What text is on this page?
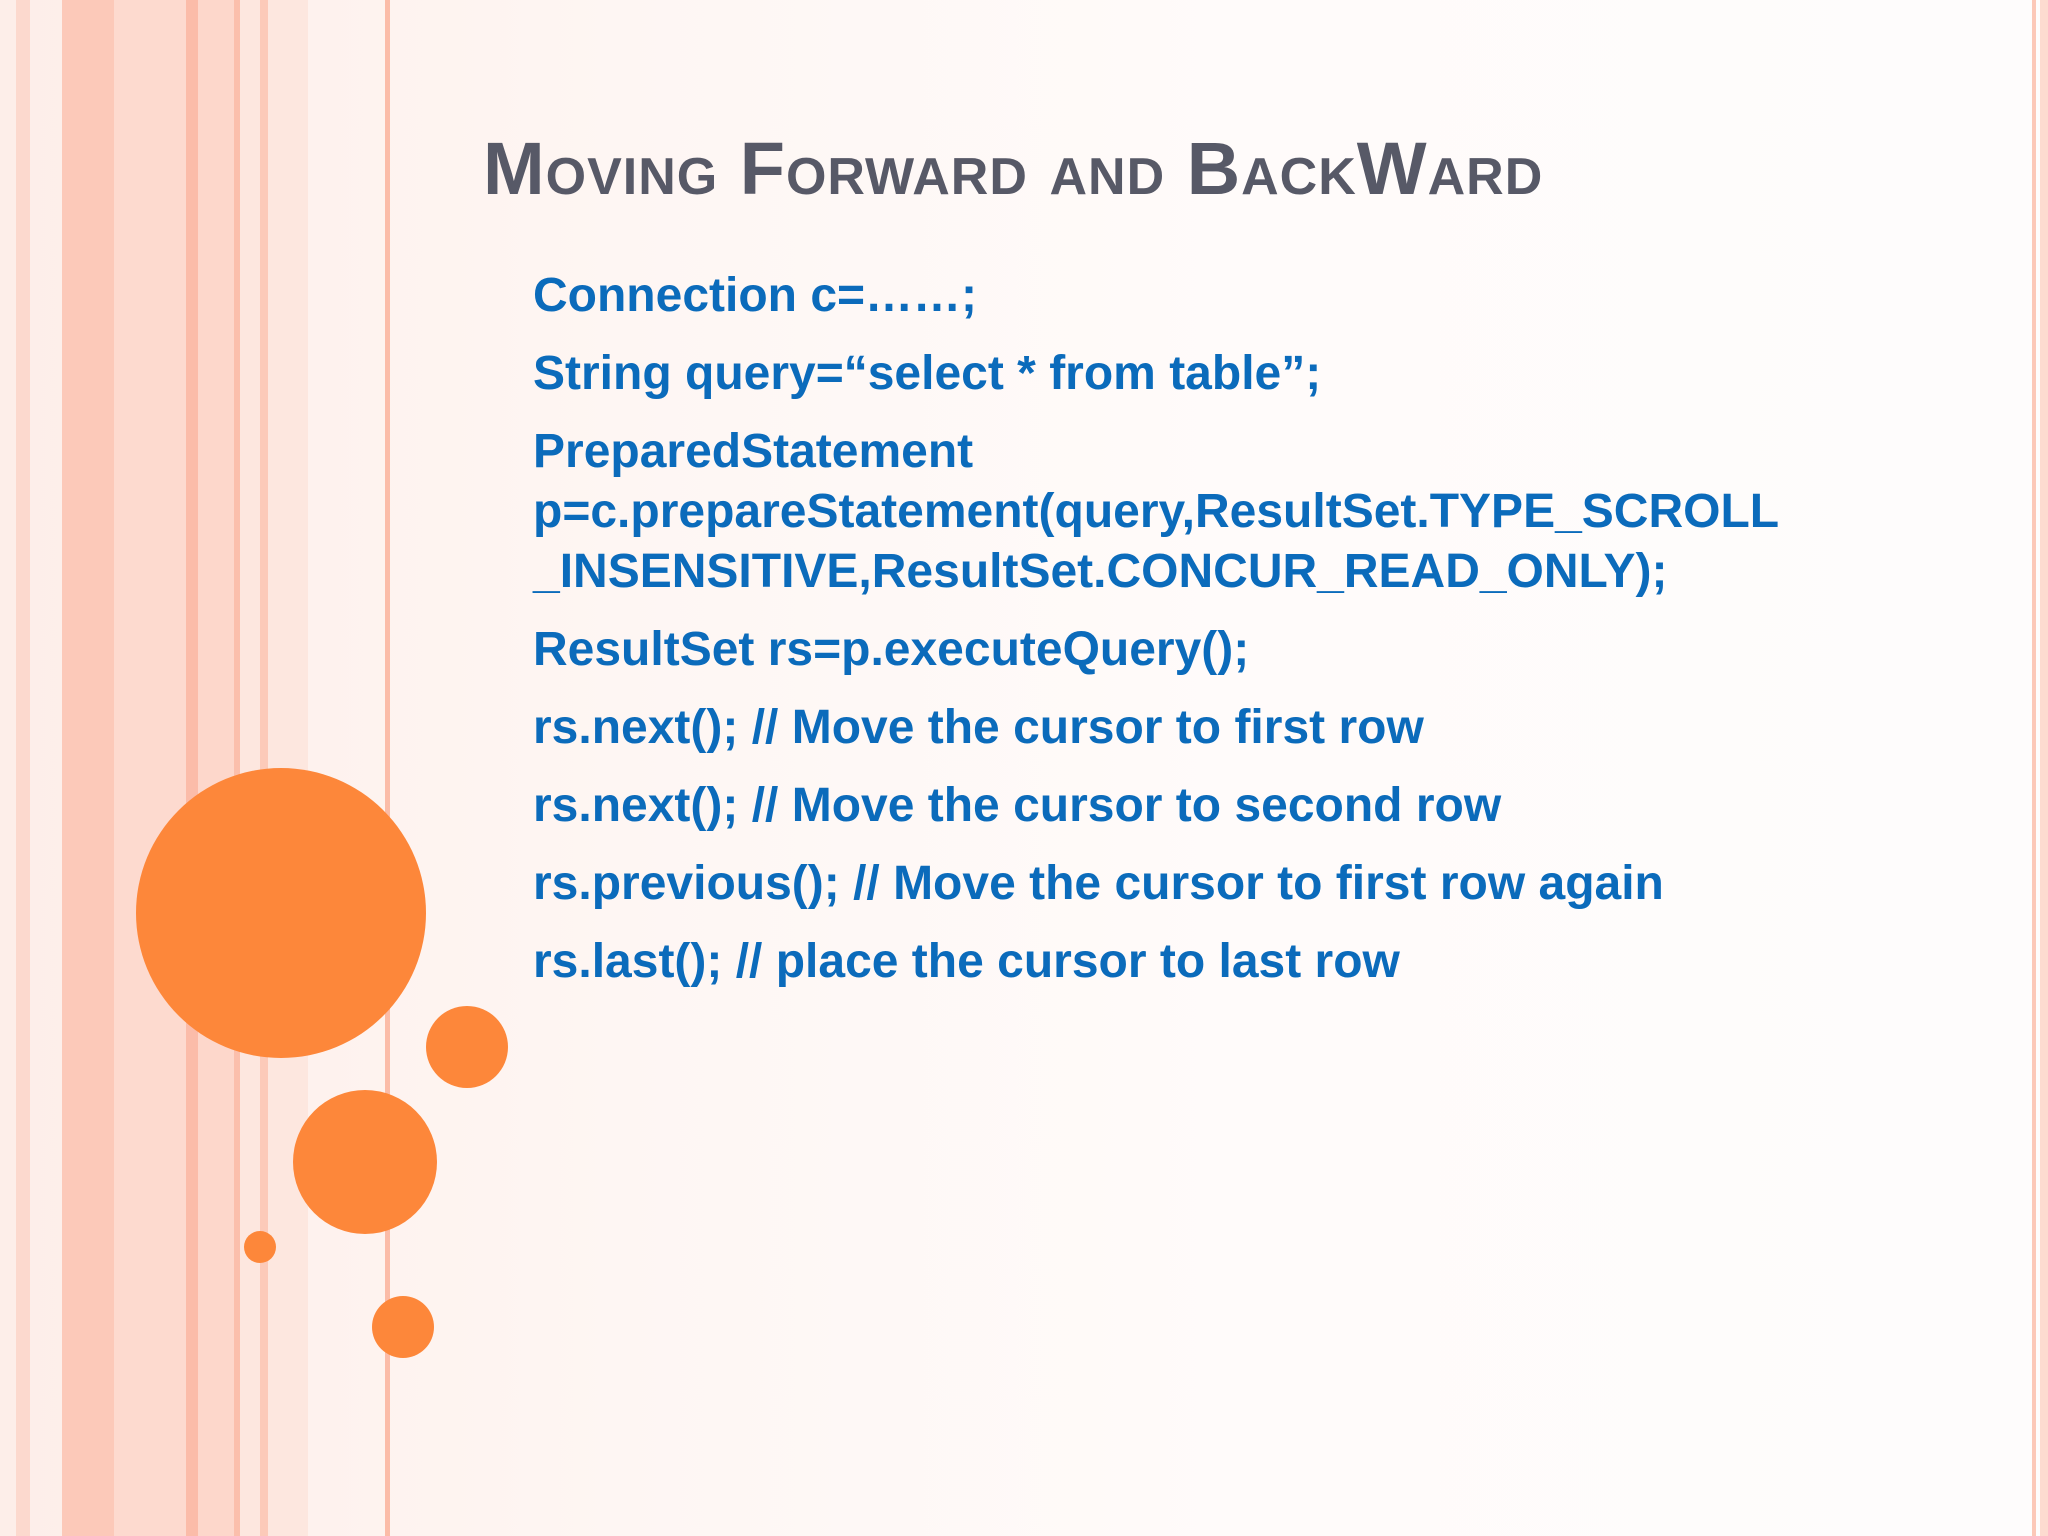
Moving Forward and BackWard
Connection c=……;
String query=“select * from table”;
PreparedStatement
p=c.prepareStatement(query,ResultSet.TYPE_SCROLL
_INSENSITIVE,ResultSet.CONCUR_READ_ONLY);
ResultSet rs=p.executeQuery();
rs.next(); // Move the cursor to first row
rs.next(); // Move the cursor to second row
rs.previous(); // Move the cursor to first row again
rs.last(); // place the cursor to last row
